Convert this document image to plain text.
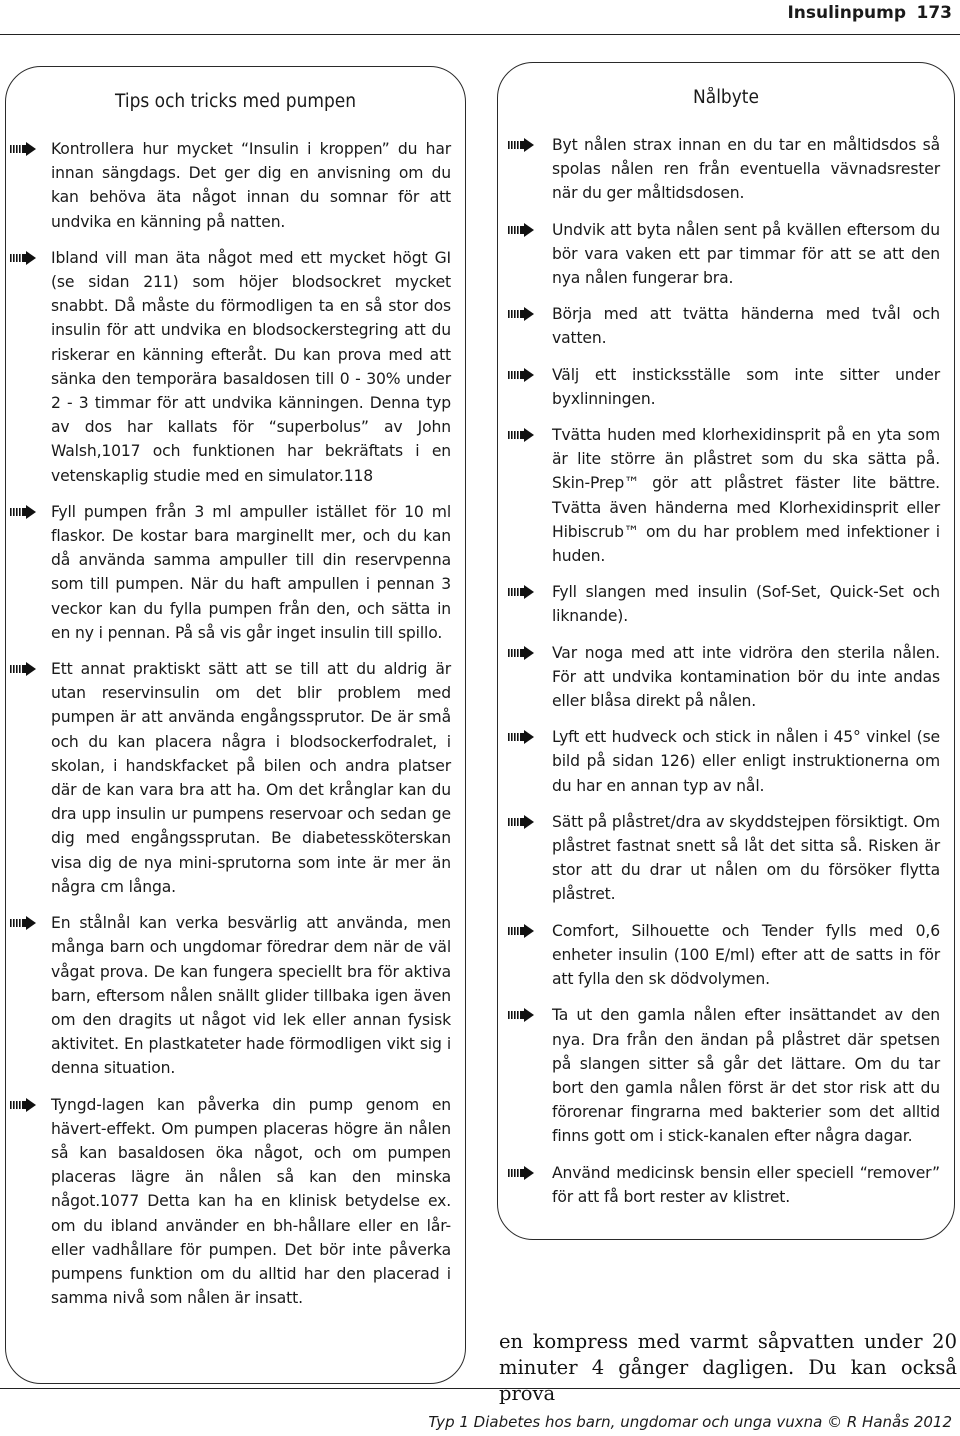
Insulinpump 173
Tips och tricks med pumpen
Kontrollera hur mycket “Insulin i kroppen” du har innan sängdags. Det ger dig en anvisning om du kan behöva äta något innan du somnar för att undvika en känning på natten.
Ibland vill man äta något med ett mycket högt GI (se sidan 211) som höjer blodsockret mycket snabbt. Då måste du förmodligen ta en så stor dos insulin för att undvika en blodsockerstegring att du riskerar en känning efteråt. Du kan prova med att sänka den temporära basaldosen till 0 - 30% under 2 - 3 timmar för att undvika känningen. Denna typ av dos har kallats för “superbolus” av John Walsh,1017 och funktionen har bekräftats i en vetenskaplig studie med en simulator.118
Fyll pumpen från 3 ml ampuller istället för 10 ml flaskor. De kostar bara marginellt mer, och du kan då använda samma ampuller till din reservpenna som till pumpen. När du haft ampullen i pennan 3 veckor kan du fylla pumpen från den, och sätta in en ny i pennan. På så vis går inget insulin till spillo.
Ett annat praktiskt sätt att se till att du aldrig är utan reservinsulin om det blir problem med pumpen är att använda engångssprutor. De är små och du kan placera några i blodsockerfodralet, i skolan, i handskfacket på bilen och andra platser där de kan vara bra att ha. Om det krånglar kan du dra upp insulin ur pumpens reservoar och sedan ge dig med engångssprutan. Be diabetessköterskan visa dig de nya mini-sprutorna som inte är mer än några cm långa.
En stålnål kan verka besvärlig att använda, men många barn och ungdomar föredrar dem när de väl vågat prova. De kan fungera speciellt bra för aktiva barn, eftersom nålen snällt glider tillbaka igen även om den dragits ut något vid lek eller annan fysisk aktivitet. En plastkateter hade förmodligen vikt sig i denna situation.
Tyngd-lagen kan påverka din pump genom en hävert-effekt. Om pumpen placeras högre än nålen så kan basaldosen öka något, och om pumpen placeras lägre än nålen så kan den minska något.1077 Detta kan ha en klinisk betydelse ex. om du ibland använder en bh-hållare eller en lår- eller vadhållare för pumpen. Det bör inte påverka pumpens funktion om du alltid har den placerad i samma nivå som nålen är insatt.
Nålbyte
Byt nålen strax innan en du tar en måltidsdos så spolas nålen ren från eventuella vävnadsrester när du ger måltidsdosen.
Undvik att byta nålen sent på kvällen eftersom du bör vara vaken ett par timmar för att se att den nya nålen fungerar bra.
Börja med att tvätta händerna med tvål och vatten.
Välj ett insticksställe som inte sitter under byxlinningen.
Tvätta huden med klorhexidinsprit på en yta som är lite större än plåstret som du ska sätta på. Skin-Prep™ gör att plåstret fäster lite bättre. Tvätta även händerna med Klorhexidinsprit eller Hibiscrub™ om du har problem med infektioner i huden.
Fyll slangen med insulin (Sof-Set, Quick-Set och liknande).
Var noga med att inte vidröra den sterila nålen. För att undvika kontamination bör du inte andas eller blåsa direkt på nålen.
Lyft ett hudveck och stick in nålen i 45° vinkel (se bild på sidan 126) eller enligt instruktionerna om du har en annan typ av nål.
Sätt på plåstret/dra av skyddstejpen försiktigt. Om plåstret fastnat snett så låt det sitta så. Risken är stor att du drar ut nålen om du försöker flytta plåstret.
Comfort, Silhouette och Tender fylls med 0,6 enheter insulin (100 E/ml) efter att de satts in för att fylla den sk dödvolymen.
Ta ut den gamla nålen efter insättandet av den nya. Dra från den ändan på plåstret där spetsen på slangen sitter så går det lättare. Om du tar bort den gamla nålen först är det stor risk att du förorenar fingrarna med bakterier som det alltid finns gott om i stick-kanalen efter några dagar.
Använd medicinsk bensin eller speciell “remover” för att få bort rester av klistret.
en kompress med varmt såpvatten under 20 minuter 4 gånger dagligen. Du kan också prova
Typ 1 Diabetes hos barn, ungdomar och unga vuxna © R Hanås 2012
